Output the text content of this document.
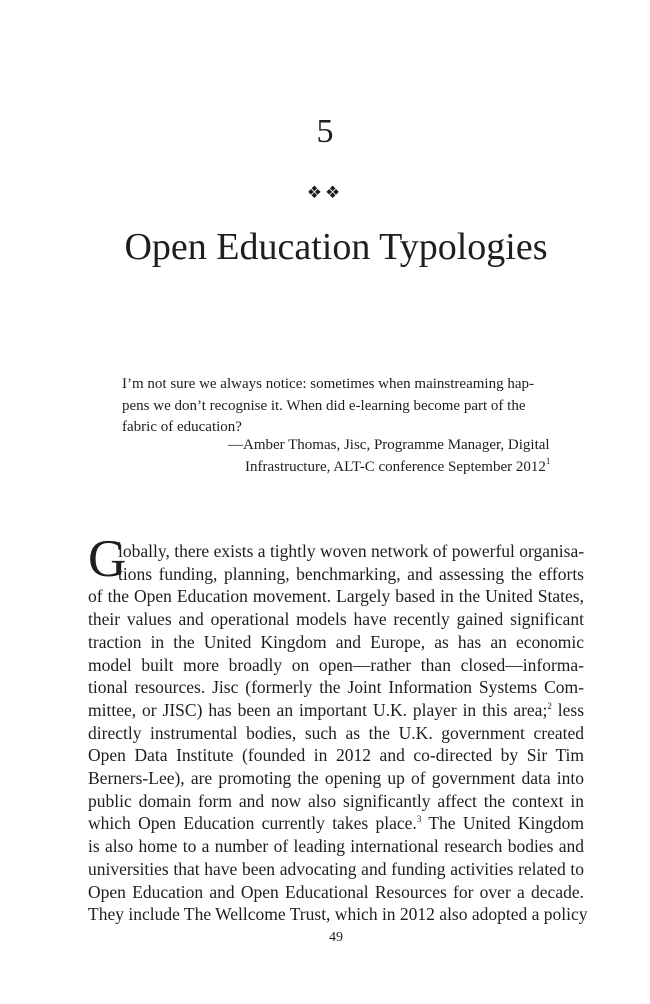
5
❖❖
Open Education Typologies

I’m not sure we always notice: sometimes when mainstreaming hap-
pens we don’t recognise it. When did e-learning become part of the
fabric of education?

—Amber Thomas, Jisc, Programme Manager, Digital
Infrastructure, ALT-C conference September 2012$^1$

G
lobally, there exists a tightly woven network of powerful organisa-
tions funding, planning, benchmarking, and assessing the efforts
of the Open Education movement. Largely based in the United States,
their values and operational models have recently gained significant
traction in the United Kingdom and Europe, as has an economic
model built more broadly on open—rather than closed—informa-
tional resources. Jisc (formerly the Joint Information Systems Com-
mittee, or JISC) has been an important U.K. player in this area;$^2$ less
directly instrumental bodies, such as the U.K. government created
Open Data Institute (founded in 2012 and co-directed by Sir Tim
Berners-Lee), are promoting the opening up of government data into
public domain form and now also significantly affect the context in
which Open Education currently takes place.$^3$ The United Kingdom
is also home to a number of leading international research bodies and
universities that have been advocating and funding activities related to
Open Education and Open Educational Resources for over a decade.
They include The Wellcome Trust, which in 2012 also adopted a policy
49
